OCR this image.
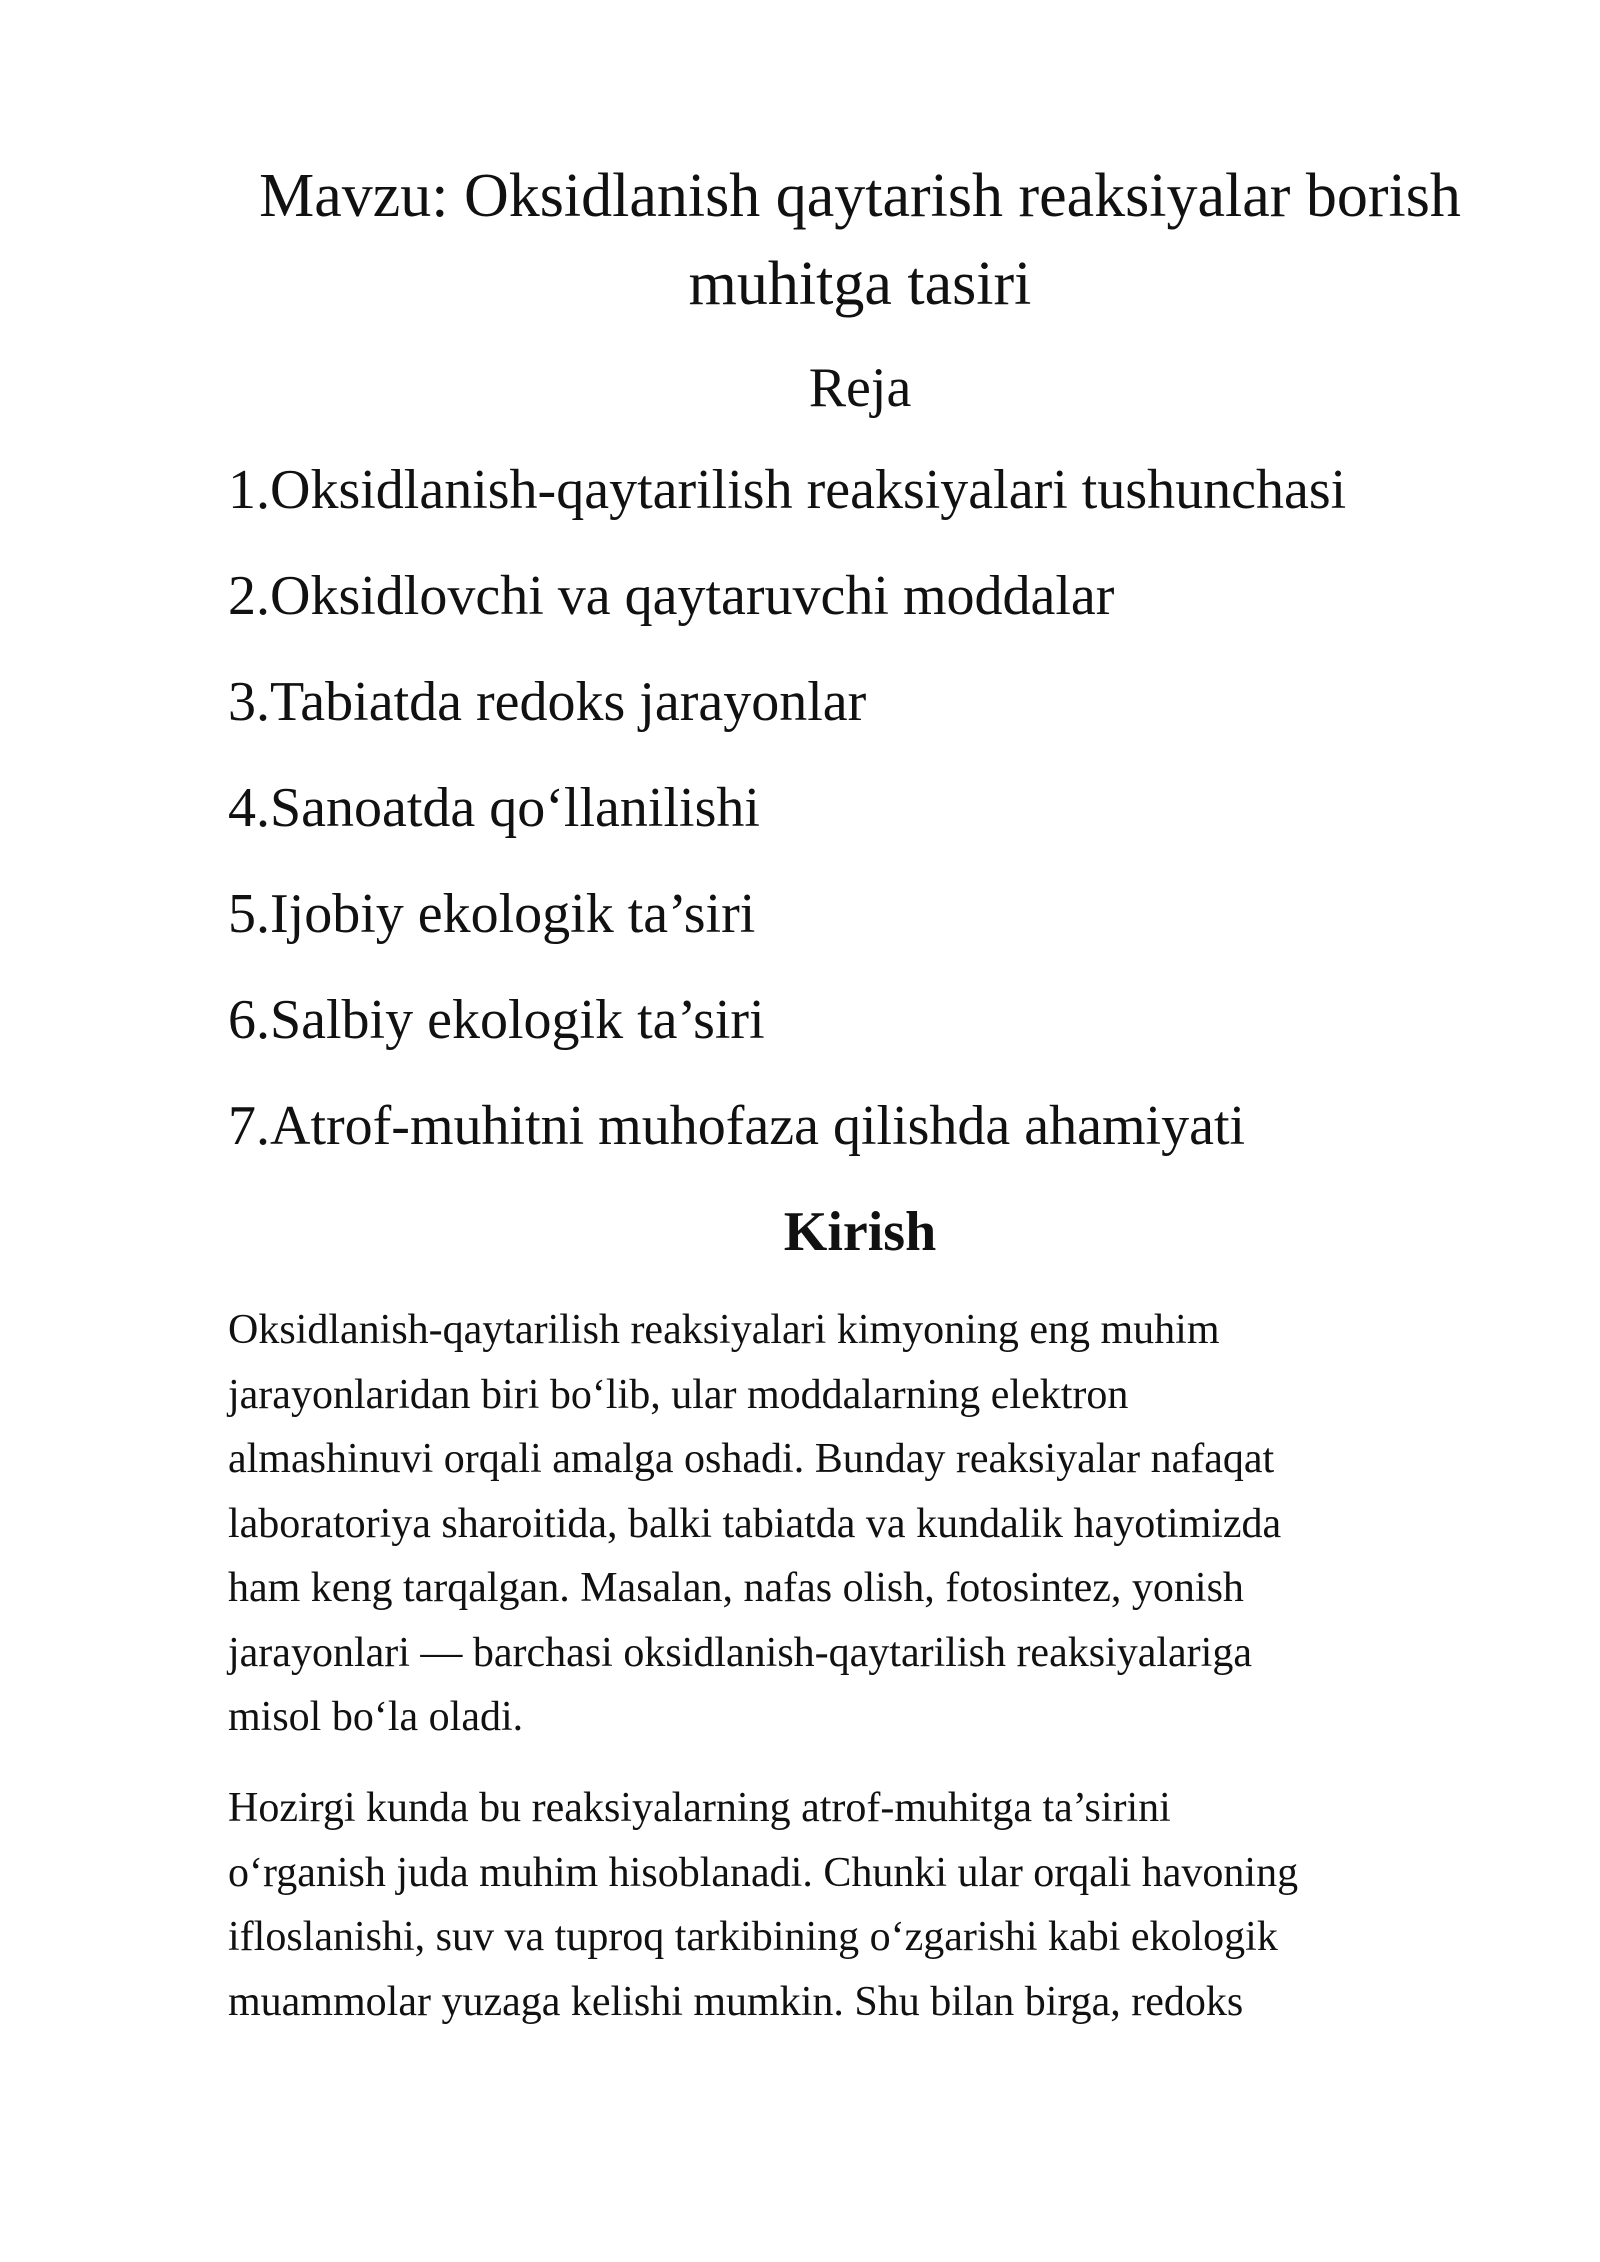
Mavzu: Oksidlanish qaytarish reaksiyalar borish
muhitga tasiri
Reja
1.Oksidlanish-qaytarilish reaksiyalari tushunchasi
2.Oksidlovchi va qaytaruvchi moddalar
3.Tabiatda redoks jarayonlar
4.Sanoatda qo‘llanilishi
5.Ijobiy ekologik ta’siri
6.Salbiy ekologik ta’siri
7.Atrof-muhitni muhofaza qilishda ahamiyati
Kirish

Oksidlanish-qaytarilish reaksiyalari kimyoning eng muhim
jarayonlaridan biri bo‘lib, ular moddalarning elektron
almashinuvi orqali amalga oshadi. Bunday reaksiyalar nafaqat
laboratoriya sharoitida, balki tabiatda va kundalik hayotimizda
ham keng tarqalgan. Masalan, nafas olish, fotosintez, yonish
jarayonlari — barchasi oksidlanish-qaytarilish reaksiyalariga
misol bo‘la oladi.

Hozirgi kunda bu reaksiyalarning atrof-muhitga ta’sirini
o‘rganish juda muhim hisoblanadi. Chunki ular orqali havoning
ifloslanishi, suv va tuproq tarkibining o‘zgarishi kabi ekologik
muammolar yuzaga kelishi mumkin. Shu bilan birga, redoks
